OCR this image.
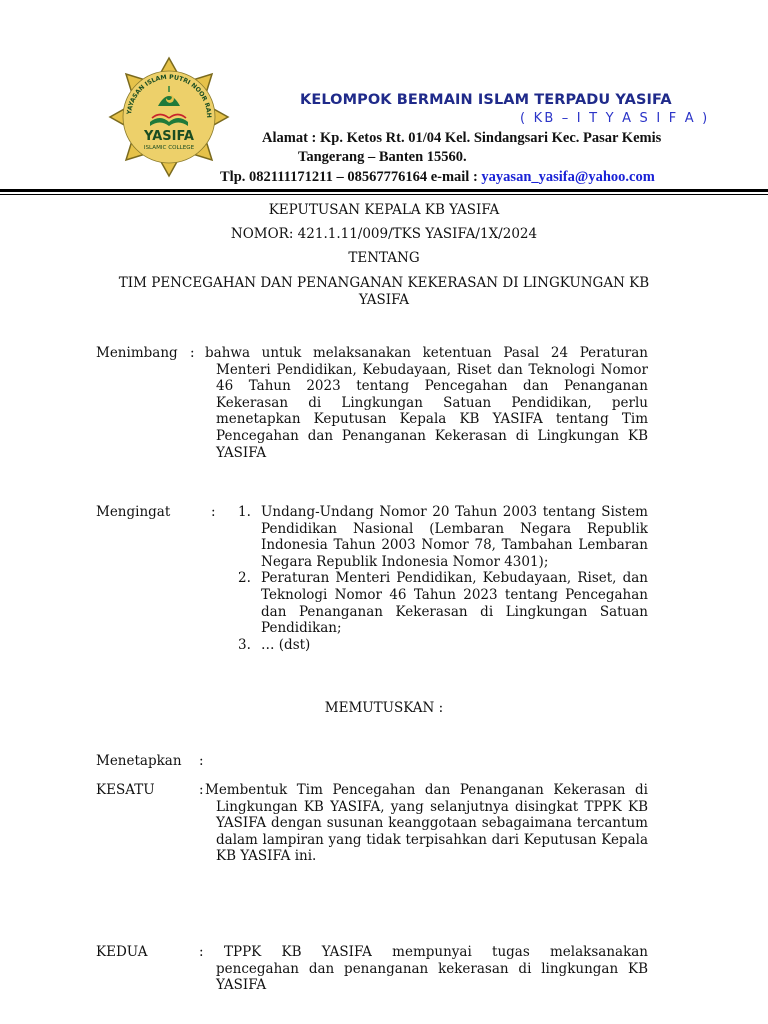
YAYASAN ISLAM PUTRI NOOR RAH
YASIFA
ISLAMIC COLLEGE
KELOMPOK BERMAIN ISLAM TERPADU YASIFA
( KB – I T Y A S I F A )
Alamat : Kp. Ketos Rt. 01/04 Kel. Sindangsari Kec. Pasar Kemis
Tangerang – Banten 15560.
Tlp. 082111171211 – 08567776164 e-mail : yayasan_yasifa@yahoo.com
KEPUTUSAN KEPALA KB YASIFA
NOMOR: 421.1.11/009/TKS YASIFA/1X/2024
TENTANG
TIM PENCEGAHAN DAN PENANGANAN KEKERASAN DI LINGKUNGAN KB YASIFA
Menimbang : bahwa untuk melaksanakan ketentuan Pasal 24 Peraturan Menteri Pendidikan, Kebudayaan, Riset dan Teknologi Nomor 46 Tahun 2023 tentang Pencegahan dan Penanganan Kekerasan di Lingkungan Satuan Pendidikan, perlu menetapkan Keputusan Kepala KB YASIFA tentang Tim Pencegahan dan Penanganan Kekerasan di Lingkungan KB YASIFA
Mengingat	: 1. Undang-Undang Nomor 20 Tahun 2003 tentang Sistem Pendidikan Nasional (Lembaran Negara Republik Indonesia Tahun 2003 Nomor 78, Tambahan Lembaran Negara Republik Indonesia Nomor 4301);
2. Peraturan Menteri Pendidikan, Kebudayaan, Riset, dan Teknologi Nomor 46 Tahun 2023 tentang Pencegahan dan Penanganan Kekerasan di Lingkungan Satuan Pendidikan;
3. … (dst)
MEMUTUSKAN :
Menetapkan :
KESATU	: Membentuk Tim Pencegahan dan Penanganan Kekerasan di Lingkungan KB YASIFA, yang selanjutnya disingkat TPPK KB YASIFA dengan susunan keanggotaan sebagaimana tercantum dalam lampiran yang tidak terpisahkan dari Keputusan Kepala KB YASIFA ini.
KEDUA	:	TPPK KB YASIFA mempunyai tugas melaksanakan pencegahan dan penanganan kekerasan di lingkungan KB YASIFA
